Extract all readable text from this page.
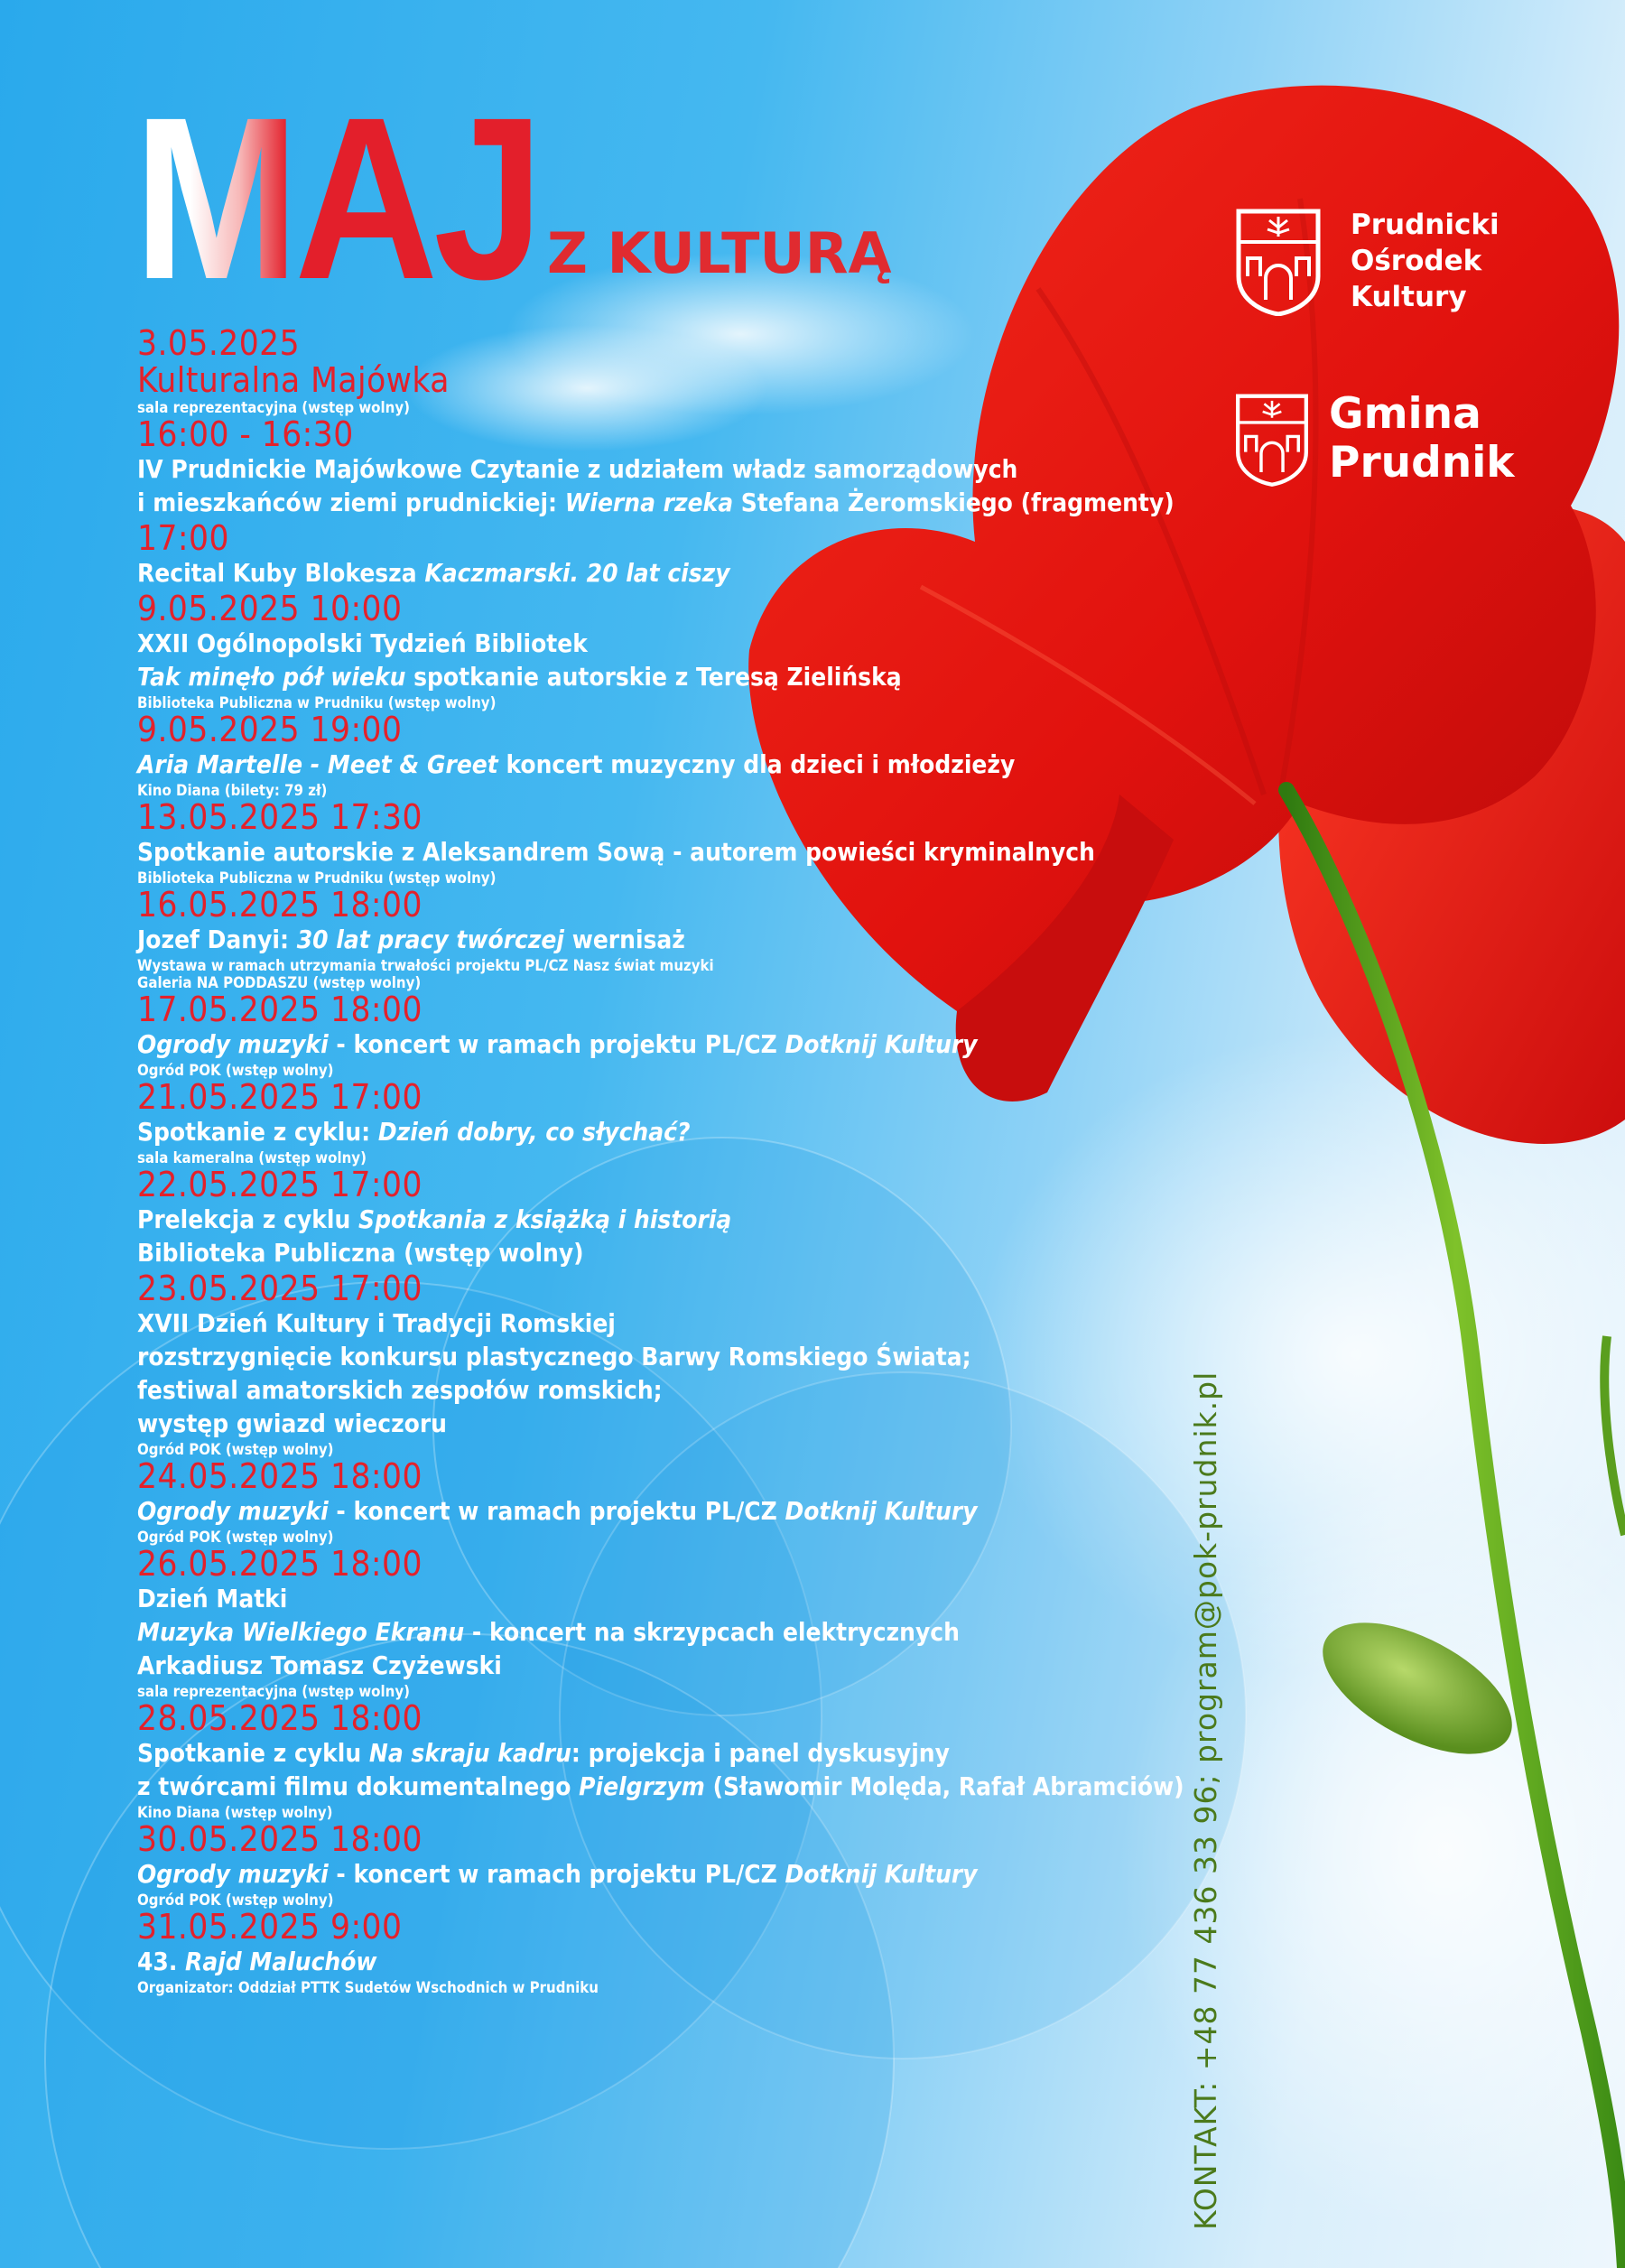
MAJ Z KULTURĄ	Prudnicki
Ośrodek
Kultury
Gmina
Prudnik
3.05.2025
Kulturalna Majówka
sala reprezentacyjna (wstęp wolny)
16:00 - 16:30
IV Prudnickie Majówkowe Czytanie z udziałem władz samorządowych
i mieszkańców ziemi prudnickiej: Wierna rzeka Stefana Żeromskiego (fragmenty)
17:00
Recital Kuby Blokesza Kaczmarski. 20 lat ciszy
9.05.2025 10:00
XXII Ogólnopolski Tydzień Bibliotek
Tak minęło pół wieku spotkanie autorskie z Teresą Zielińską
Biblioteka Publiczna w Prudniku (wstęp wolny)
9.05.2025 19:00
Aria Martelle - Meet & Greet koncert muzyczny dla dzieci i młodzieży
Kino Diana (bilety: 79 zł)
13.05.2025 17:30
Spotkanie autorskie z Aleksandrem Sową - autorem powieści kryminalnych
Biblioteka Publiczna w Prudniku (wstęp wolny)
16.05.2025 18:00
Jozef Danyi: 30 lat pracy twórczej wernisaż
Wystawa w ramach utrzymania trwałości projektu PL/CZ Nasz świat muzyki
Galeria NA PODDASZU (wstęp wolny)
17.05.2025 18:00
Ogrody muzyki - koncert w ramach projektu PL/CZ Dotknij Kultury
Ogród POK (wstęp wolny)
21.05.2025 17:00
Spotkanie z cyklu: Dzień dobry, co słychać?
sala kameralna (wstęp wolny)
22.05.2025 17:00
Prelekcja z cyklu Spotkania z książką i historią
Biblioteka Publiczna (wstęp wolny)
23.05.2025 17:00
XVII Dzień Kultury i Tradycji Romskiej
rozstrzygnięcie konkursu plastycznego Barwy Romskiego Świata;
festiwal amatorskich zespołów romskich;
występ gwiazd wieczoru
Ogród POK (wstęp wolny)
24.05.2025 18:00
Ogrody muzyki - koncert w ramach projektu PL/CZ Dotknij Kultury
Ogród POK (wstęp wolny)
26.05.2025 18:00
Dzień Matki
Muzyka Wielkiego Ekranu - koncert na skrzypcach elektrycznych
Arkadiusz Tomasz Czyżewski
sala reprezentacyjna (wstęp wolny)
28.05.2025 18:00
Spotkanie z cyklu Na skraju kadru: projekcja i panel dyskusyjny
z twórcami filmu dokumentalnego Pielgrzym (Sławomir Molęda, Rafał Abramciów)
Kino Diana (wstęp wolny)
30.05.2025 18:00
Ogrody muzyki - koncert w ramach projektu PL/CZ Dotknij Kultury
Ogród POK (wstęp wolny)
31.05.2025 9:00
43. Rajd Maluchów
Organizator: Oddział PTTK Sudetów Wschodnich w Prudniku	KONTAKT: +48 77 436 33 96; program@pok-prudnik.pl
